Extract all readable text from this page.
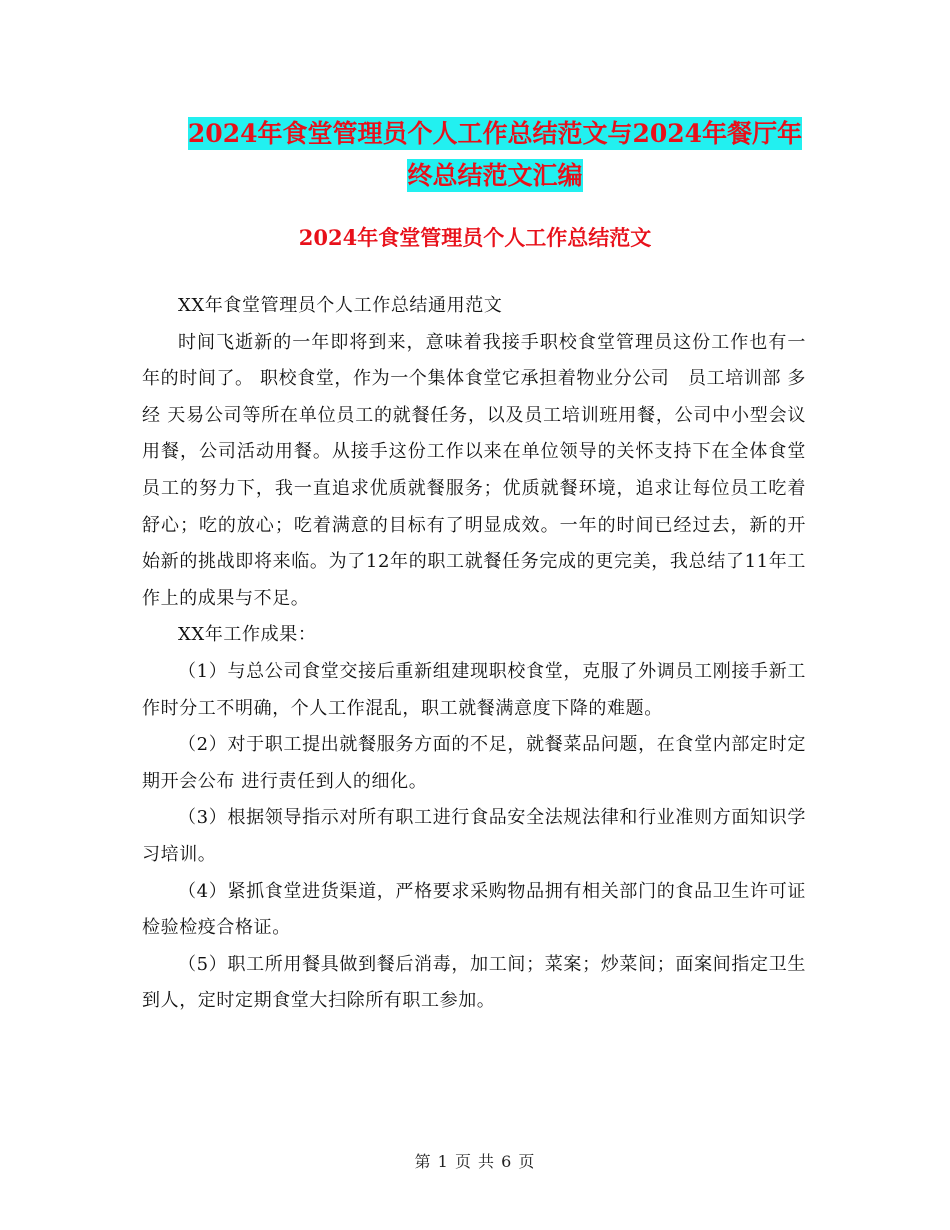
2024年食堂管理员个人工作总结范文与2024年餐厅年
终总结范文汇编
2024年食堂管理员个人工作总结范文

XX年食堂管理员个人工作总结通用范文

时间飞逝新的一年即将到来，意味着我接手职校食堂管理员这份工作也有一年的时间了。 职校食堂，作为一个集体食堂它承担着物业分公司　员工培训部 多经 天易公司等所在单位员工的就餐任务，以及员工培训班用餐，公司中小型会议用餐，公司活动用餐。从接手这份工作以来在单位领导的关怀支持下在全体食堂员工的努力下，我一直追求优质就餐服务；优质就餐环境，追求让每位员工吃着舒心；吃的放心；吃着满意的目标有了明显成效。一年的时间已经过去，新的开始新的挑战即将来临。为了12年的职工就餐任务完成的更完美，我总结了11年工作上的成果与不足。

XX年工作成果：

（1）与总公司食堂交接后重新组建现职校食堂，克服了外调员工刚接手新工作时分工不明确，个人工作混乱，职工就餐满意度下降的难题。

（2）对于职工提出就餐服务方面的不足，就餐菜品问题，在食堂内部定时定期开会公布 进行责任到人的细化。

（3）根据领导指示对所有职工进行食品安全法规法律和行业准则方面知识学习培训。

（4）紧抓食堂进货渠道，严格要求采购物品拥有相关部门的食品卫生许可证检验检疫合格证。

（5）职工所用餐具做到餐后消毒，加工间；菜案；炒菜间；面案间指定卫生到人，定时定期食堂大扫除所有职工参加。

第 1 页 共 6 页
